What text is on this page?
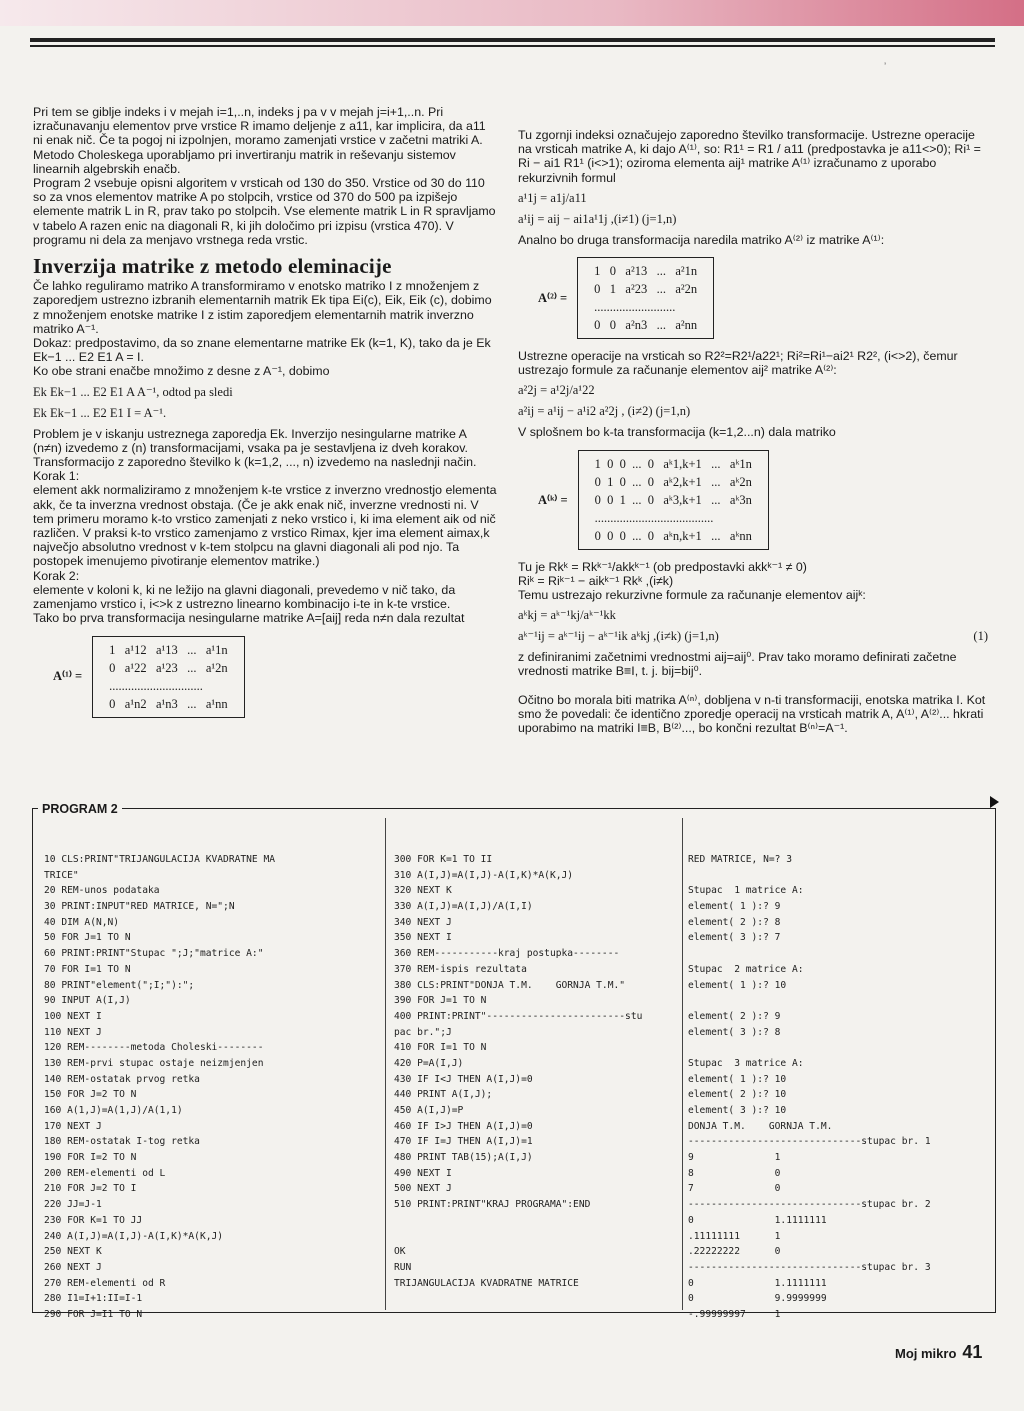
ʼ

Pri tem se giblje indeks i v mejah i=1,..n, indeks j pa v v mejah j=i+1,..n. Pri izračunavanju elementov prve vrstice R imamo deljenje z a11, kar implicira, da a11 ni enak nič. Če ta pogoj ni izpolnjen, moramo zamenjati vrstice v začetni matriki A. Metodo Choleskega uporabljamo pri invertiranju matrik in reševanju sistemov linearnih algebrskih enačb.

Program 2 vsebuje opisni algoritem v vrsticah od 130 do 350. Vrstice od 30 do 110 so za vnos elementov matrike A po stolpcih, vrstice od 370 do 500 pa izpišejo elemente matrik L in R, prav tako po stolpcih. Vse elemente matrik L in R spravljamo v tabelo A razen enic na diagonali R, ki jih določimo pri izpisu (vrstica 470). V programu ni dela za menjavo vrstnega reda vrstic.

Inverzija matrike z metodo eleminacije

Če lahko reguliramo matriko A transformiramo v enotsko matriko I z množenjem z zaporedjem ustrezno izbranih elementarnih matrik Ek tipa Ei(c), Eik, Eik (c), dobimo z množenjem enotske matrike I z istim zaporedjem elementarnih matrik inverzno matriko A⁻¹.

Dokaz: predpostavimo, da so znane elementarne matrike Ek (k=1, K), tako da je Ek Ek−1 ... E2 E1 A = I.

Ko obe strani enačbe množimo z desne z A⁻¹, dobimo

Ek Ek−1 ... E2 E1 A A⁻¹, odtod pa sledi
Ek Ek−1 ... E2 E1 I = A⁻¹.

Problem je v iskanju ustreznega zaporedja Ek. Inverzijo nesingularne matrike A (n≠n) izvedemo z (n) transformacijami, vsaka pa je sestavljena iz dveh korakov. Transformacijo z zaporedno številko k (k=1,2, ..., n) izvedemo na naslednji način.

Korak 1:

element akk normaliziramo z množenjem k-te vrstice z inverzno vrednostjo elementa akk, če ta inverzna vrednost obstaja. (Če je akk enak nič, inverzne vrednosti ni. V tem primeru moramo k-to vrstico zamenjati z neko vrstico i, ki ima element aik od nič različen. V praksi k-to vrstico zamenjamo z vrstico Rimax, kjer ima element aimax,k največjo absolutno vrednost v k-tem stolpcu na glavni diagonali ali pod njo. Ta postopek imenujemo pivotiranje elementov matrike.)

Korak 2:

elemente v koloni k, ki ne ležijo na glavni diagonali, prevedemo v nič tako, da zamenjamo vrstico i, i<>k z ustrezno linearno kombinacijo i-te in k-te vrstice.

Tako bo prva transformacija nesingularne matrike A=[aij] reda n≠n dala rezultat

A⁽¹⁾ =
1   a¹12   a¹13   ...   a¹1n
0   a¹22   a¹23   ...   a¹2n
..............................
0   a¹n2   a¹n3   ...   a¹nn

Tu zgornji indeksi označujejo zaporedno številko transformacije. Ustrezne operacije na vrsticah matrike A, ki dajo A⁽¹⁾, so: R1¹ = R1 / a11 (predpostavka je a11<>0); Ri¹ = Ri − ai1 R1¹ (i<>1); oziroma elementa aij¹ matrike A⁽¹⁾ izračunamo z uporabo rekurzivnih formul

a¹1j = a1j/a11
a¹ij = aij − ai1a¹1j ,(i≠1) (j=1,n)

Analno bo druga transformacija naredila matriko A⁽²⁾ iz matrike A⁽¹⁾:

A⁽²⁾ =
1   0   a²13   ...   a²1n
0   1   a²23   ...   a²2n
..........................
0   0   a²n3   ...   a²nn

Ustrezne operacije na vrsticah so R2²=R2¹/a22¹; Ri²=Ri¹−ai2¹ R2², (i<>2), čemur ustrezajo formule za računanje elementov aij² matrike A⁽²⁾:

a²2j = a¹2j/a¹22
a²ij = a¹ij − a¹i2 a²2j , (i≠2) (j=1,n)

V splošnem bo k-ta transformacija (k=1,2...n) dala matriko

A⁽ᵏ⁾ =
1  0  0  ...  0   aᵏ1,k+1   ...   aᵏ1n
0  1  0  ...  0   aᵏ2,k+1   ...   aᵏ2n
0  0  1  ...  0   aᵏ3,k+1   ...   aᵏ3n
......................................
0  0  0  ...  0   aᵏn,k+1   ...   aᵏnn

Tu je Rkᵏ = Rkᵏ⁻¹/akkᵏ⁻¹ (ob predpostavki akkᵏ⁻¹ ≠ 0)

Riᵏ = Riᵏ⁻¹ − aikᵏ⁻¹ Rkᵏ ,(i≠k)

Temu ustrezajo rekurzivne formule za računanje elementov aijᵏ:

aᵏkj = aᵏ⁻¹kj/aᵏ⁻¹kk
aᵏ⁻¹ij = aᵏ⁻¹ij − aᵏ⁻¹ik aᵏkj ,(i≠k) (j=1,n)	(1)

z definiranimi začetnimi vrednostmi aij=aij⁰. Prav tako moramo definirati začetne vrednosti matrike B≡I, t. j. bij=bij⁰.

Očitno bo morala biti matrika A⁽ⁿ⁾, dobljena v n-ti transformaciji, enotska matrika I. Kot smo že povedali: če identično zporedje operacij na vrsticah matrik A, A⁽¹⁾, A⁽²⁾... hkrati uporabimo na matriki I≡B, B⁽²⁾..., bo končni rezultat B⁽ⁿ⁾=A⁻¹.

PROGRAM 2
10 CLS:PRINT"TRIJANGULACIJA KVADRATNE MA
TRICE"
20 REM-unos podataka
30 PRINT:INPUT"RED MATRICE, N=";N
40 DIM A(N,N)
50 FOR J=1 TO N
60 PRINT:PRINT"Stupac ";J;"matrice A:"
70 FOR I=1 TO N
80 PRINT"element(";I;"):";
90 INPUT A(I,J)
100 NEXT I
110 NEXT J
120 REM--------metoda Choleski--------
130 REM-prvi stupac ostaje neizmjenjen
140 REM-ostatak prvog retka
150 FOR J=2 TO N
160 A(1,J)=A(1,J)/A(1,1)
170 NEXT J
180 REM-ostatak I-tog retka
190 FOR I=2 TO N
200 REM-elementi od L
210 FOR J=2 TO I
220 JJ=J-1
230 FOR K=1 TO JJ
240 A(I,J)=A(I,J)-A(I,K)*A(K,J)
250 NEXT K
260 NEXT J
270 REM-elementi od R
280 I1=I+1:II=I-1
290 FOR J=I1 TO N
300 FOR K=1 TO II
310 A(I,J)=A(I,J)-A(I,K)*A(K,J)
320 NEXT K
330 A(I,J)=A(I,J)/A(I,I)
340 NEXT J
350 NEXT I
360 REM-----------kraj postupka--------
370 REM-ispis rezultata
380 CLS:PRINT"DONJA T.M.    GORNJA T.M."
390 FOR J=1 TO N
400 PRINT:PRINT"------------------------stu
pac br.";J
410 FOR I=1 TO N
420 P=A(I,J)
430 IF I<J THEN A(I,J)=0
440 PRINT A(I,J);
450 A(I,J)=P
460 IF I>J THEN A(I,J)=0
470 IF I=J THEN A(I,J)=1
480 PRINT TAB(15);A(I,J)
490 NEXT I
500 NEXT J
510 PRINT:PRINT"KRAJ PROGRAMA":END
OK
RUN
TRIJANGULACIJA KVADRATNE MATRICE
RED MATRICE, N=? 3
Stupac  1 matrice A:
element( 1 ):? 9
element( 2 ):? 8
element( 3 ):? 7
Stupac  2 matrice A:
element( 1 ):? 10
element( 2 ):? 9
element( 3 ):? 8
Stupac  3 matrice A:
element( 1 ):? 10
element( 2 ):? 10
element( 3 ):? 10
DONJA T.M.    GORNJA T.M.
------------------------------stupac br. 1
9              1
8              0
7              0
------------------------------stupac br. 2
0              1.1111111
.11111111      1
.22222222      0
------------------------------stupac br. 3
0              1.1111111
0              9.9999999
-.99999997     1
Moj mikro 41
